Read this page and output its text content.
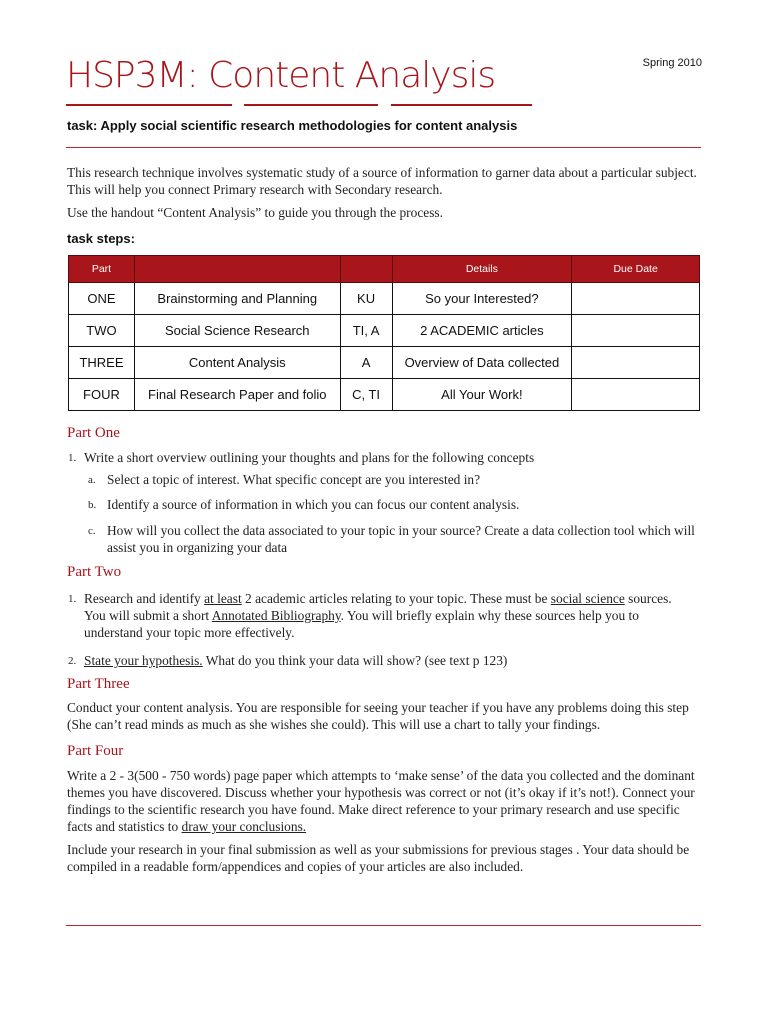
HSP3M: Content Analysis	Spring 2010
task: Apply social scientific research methodologies for content analysis

This research technique involves systematic study of a source of information to garner data about a particular subject. This will help you connect Primary research with Secondary research.

Use the handout “Content Analysis” to guide you through the process.

task steps:
Part			Details	Due Date
ONE	Brainstorming and Planning	KU	So your Interested?	
TWO	Social Science Research	TI, A	2 ACADEMIC articles	
THREE	Content Analysis	A	Overview of Data collected	
FOUR	Final Research Paper and folio	C, TI	All Your Work!	
Part One
1. Write a short overview outlining your thoughts and plans for the following concepts
a. Select a topic of interest. What specific concept are you interested in?
b. Identify a source of information in which you can focus our content analysis.
c. How will you collect the data associated to your topic in your source? Create a data collection tool which will assist you in organizing your data
Part Two
1. Research and identify at least 2 academic articles relating to your topic. These must be social science sources. You will submit a short Annotated Bibliography. You will briefly explain why these sources help you to understand your topic more effectively.
2. State your hypothesis. What do you think your data will show? (see text p 123)
Part Three
Conduct your content analysis. You are responsible for seeing your teacher if you have any problems doing this step (She can’t read minds as much as she wishes she could). This will use a chart to tally your findings.
Part Four

Write a 2 - 3(500 - 750 words) page paper which attempts to ‘make sense’ of the data you collected and the dominant themes you have discovered. Discuss whether your hypothesis was correct or not (it’s okay if it’s not!). Connect your findings to the scientific research you have found. Make direct reference to your primary research and use specific facts and statistics to draw your conclusions.

Include your research in your final submission as well as your submissions for previous stages . Your data should be compiled in a readable form/appendices and copies of your articles are also included.
